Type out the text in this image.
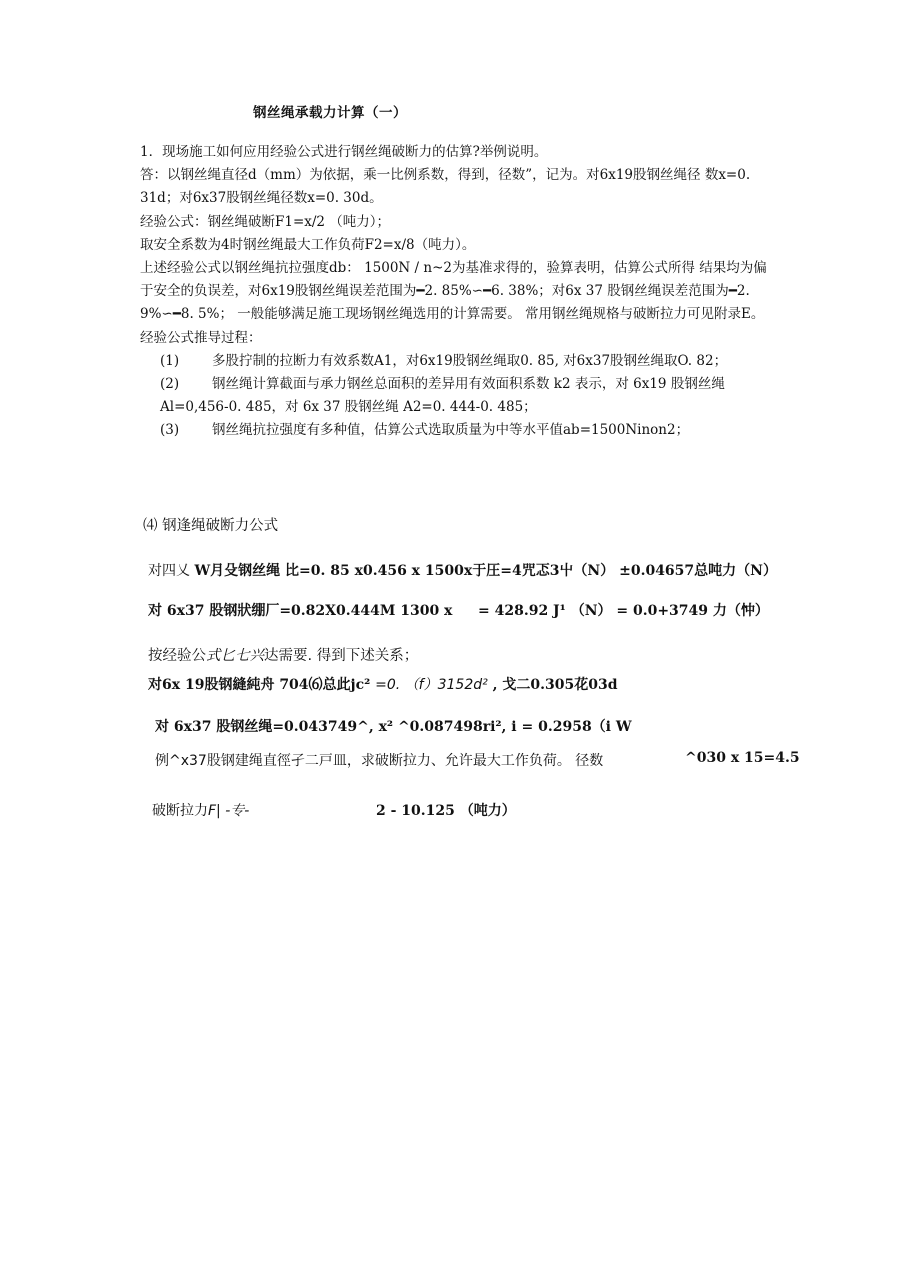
钢丝绳承载力计算（一）

1．现场施工如何应用经验公式进行钢丝绳破断力的估算?举例说明。

答：以钢丝绳直径d（mm）为依据，乘一比例系数，得到，径数”，记为。对6x19股钢丝绳径 数x=0. 31d；对6x37股钢丝绳径数x=0. 30d。

经验公式：钢丝绳破断F1=x/2 （吨力）；

取安全系数为4时钢丝绳最大工作负荷F2=x/8（吨力）。

上述经验公式以钢丝绳抗拉强度db： 1500N / n~2为基准求得的，验算表明，估算公式所得 结果均为偏于安全的负误差，对6x19股钢丝绳误差范围为━2. 85%∽━6. 38%；对6x 37 股钢丝绳误差范围为━2. 9%∽━8. 5%； 一般能够满足施工现场钢丝绳选用的计算需要。 常用钢丝绳规格与破断拉力可见附录E。

经验公式推导过程：

(1) 多股拧制的拉断力有效系数A1，对6x19股钢丝绳取0. 85, 对6x37股钢丝绳取O. 82；

(2) 钢丝绳计算截面与承力钢丝总面积的差异用有效面积系数 k2 表示，对 6x19 股钢丝绳 Al=0,456-0. 485，对 6x 37 股钢丝绳 A2=0. 444-0. 485；

(3) 钢丝绳抗拉强度有多种值，估算公式选取质量为中等水平值ab=1500Ninon2；

⑷ 钢逢绳破断力公式
对四乂 W月殳钢丝绳 比=0. 85 x0.456 x 1500x于圧=4咒忑3屮（N） ±0.04657总吨力（N）
对 6x37 股钢狀绷厂=0.82X0.444M 1300 x = 428.92 J¹ （N） = 0.0+3749 力（忡）
按经验公式匕七兴达需要. 得到下述关系；
对6x 19股钢縫純舟 704⑹总此jc² =0. （f）3152d² , 戈二0.305花03d
对 6x37 股钢丝绳=0.043749^, x² ^0.087498ri², i = 0.2958（i W
例^x37股钢建绳直徑孑二戸皿，求破断拉力、允许最大工作负荷。 径数	^030 x 15=4.5
破断拉力F| -专-	2 - 10.125 （吨力）
